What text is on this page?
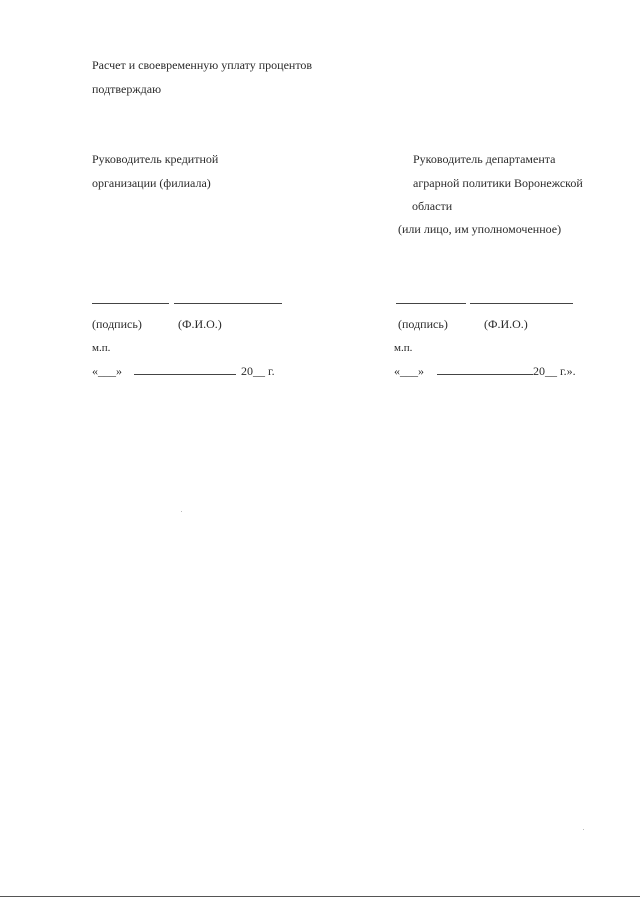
Расчет и своевременную уплату процентов
подтверждаю
Руководитель кредитной
организации (филиала)
(подпись)	(Ф.И.О.)
м.п.
«___»	20__ г.
Руководитель департамента
аграрной политики Воронежской
области
(или лицо, им уполномоченное)
(подпись)	(Ф.И.О.)
м.п.
«___»	20__ г.».
